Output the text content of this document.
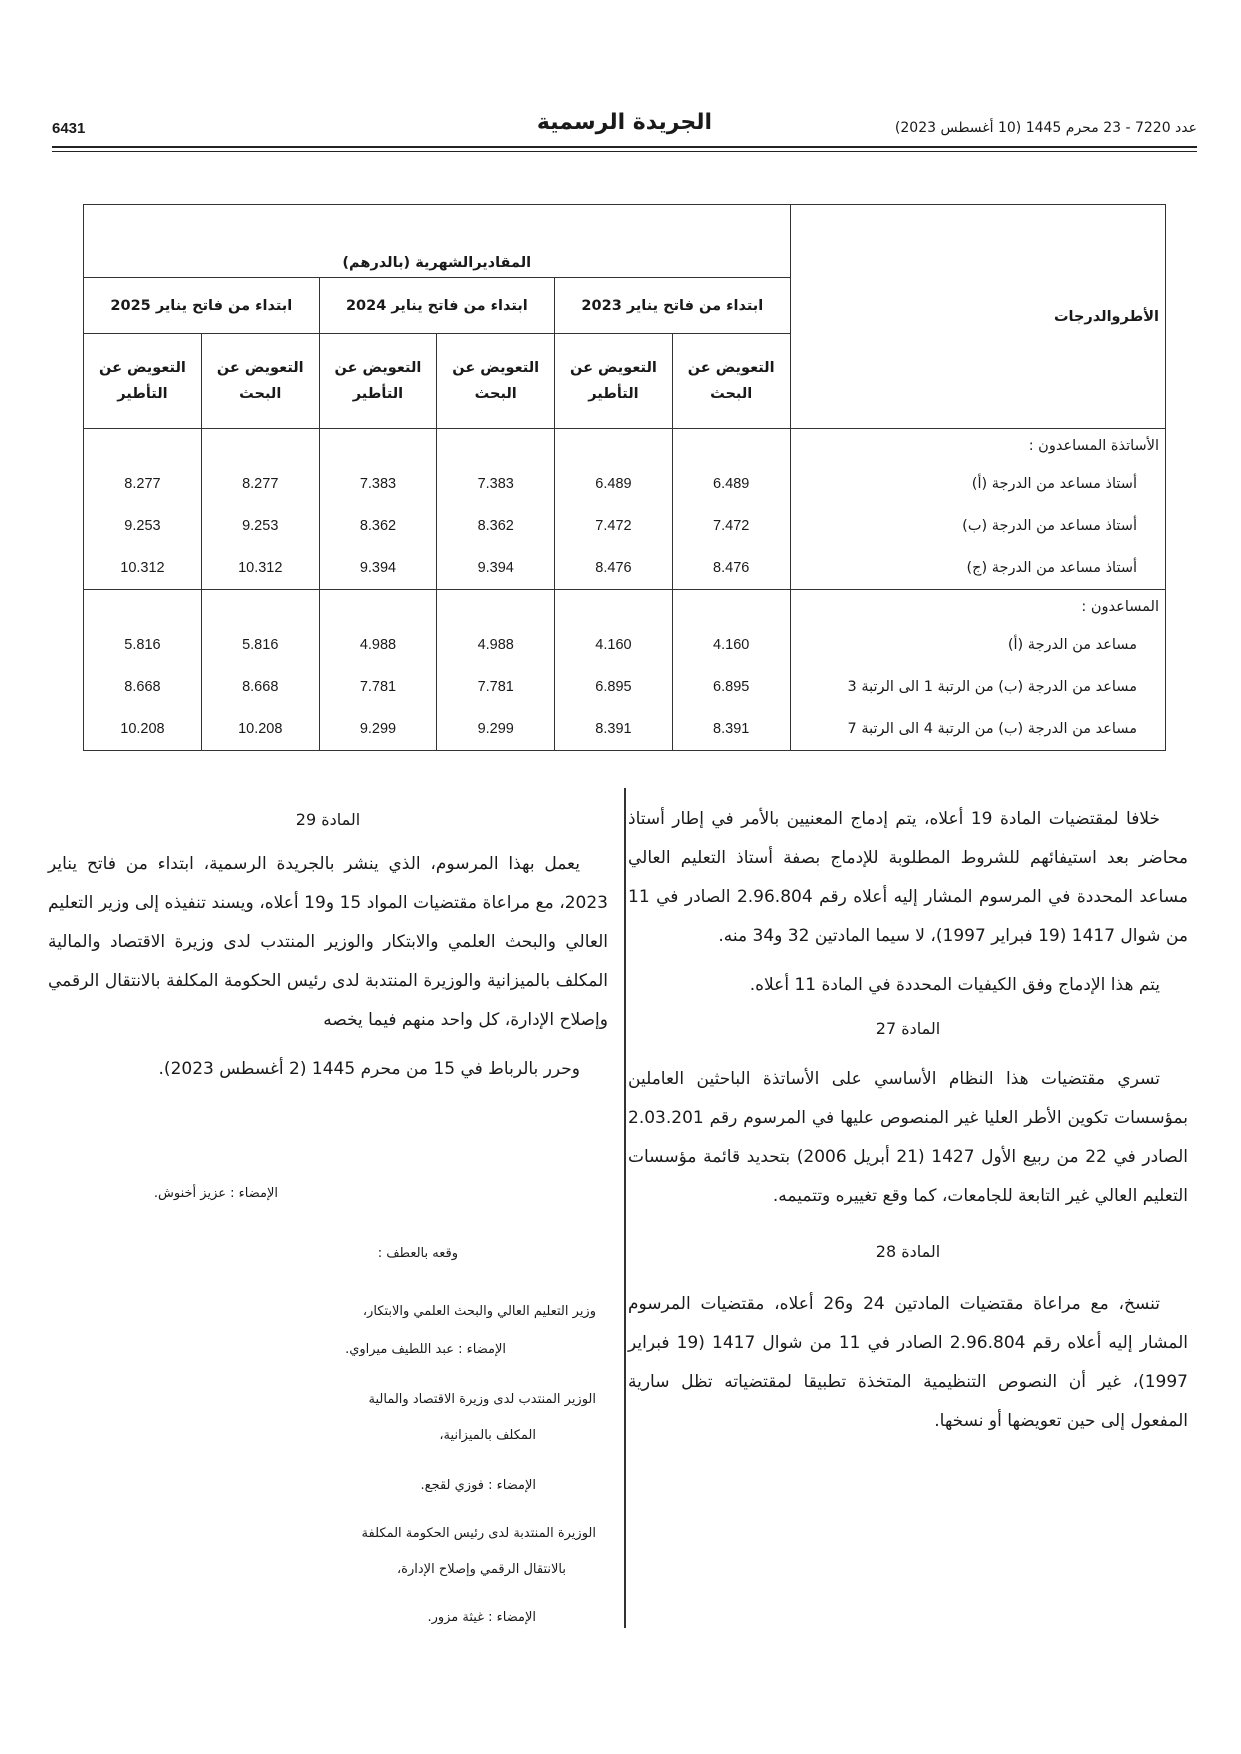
6431	الجريدة الرسمية	عدد 7220 - 23 محرم 1445 (10 أغسطس 2023)
الأطروالدرجات	المقاديرالشهرية (بالدرهم)					
	ابتداء من فاتح يناير 2023		ابتداء من فاتح يناير 2024		ابتداء من فاتح يناير 2025	
	التعويض عن البحث	التعويض عن التأطير	التعويض عن البحث	التعويض عن التأطير	التعويض عن البحث	التعويض عن التأطير
الأساتذة المساعدون :						
أستاذ مساعد من الدرجة (أ)	6.489	6.489	7.383	7.383	8.277	8.277
أستاذ مساعد من الدرجة (ب)	7.472	7.472	8.362	8.362	9.253	9.253
أستاذ مساعد من الدرجة (ج)	8.476	8.476	9.394	9.394	10.312	10.312
المساعدون :						
مساعد من الدرجة (أ)	4.160	4.160	4.988	4.988	5.816	5.816
مساعد من الدرجة (ب) من الرتبة 1 الى الرتبة 3	6.895	6.895	7.781	7.781	8.668	8.668
مساعد من الدرجة (ب) من الرتبة 4 الى الرتبة 7	8.391	8.391	9.299	9.299	10.208	10.208

خلافا لمقتضيات المادة 19 أعلاه، يتم إدماج المعنيين بالأمر في إطار أستاذ محاضر بعد استيفائهم للشروط المطلوبة للإدماج بصفة أستاذ التعليم العالي مساعد المحددة في المرسوم المشار إليه أعلاه رقم 2.96.804 الصادر في 11 من شوال 1417 (19 فبراير 1997)، لا سيما المادتين 32 و34 منه.

يتم هذا الإدماج وفق الكيفيات المحددة في المادة 11 أعلاه.

المادة 27

تسري مقتضيات هذا النظام الأساسي على الأساتذة الباحثين العاملين بمؤسسات تكوين الأطر العليا غير المنصوص عليها في المرسوم رقم 2.03.201 الصادر في 22 من ربيع الأول 1427 (21 أبريل 2006) بتحديد قائمة مؤسسات التعليم العالي غير التابعة للجامعات، كما وقع تغييره وتتميمه.

المادة 28

تنسخ، مع مراعاة مقتضيات المادتين 24 و26 أعلاه، مقتضيات المرسوم المشار إليه أعلاه رقم 2.96.804 الصادر في 11 من شوال 1417 (19 فبراير 1997)، غير أن النصوص التنظيمية المتخذة تطبيقا لمقتضياته تظل سارية المفعول إلى حين تعويضها أو نسخها.

المادة 29

يعمل بهذا المرسوم، الذي ينشر بالجريدة الرسمية، ابتداء من فاتح يناير 2023، مع مراعاة مقتضيات المواد 15 و19 أعلاه، ويسند تنفيذه إلى وزير التعليم العالي والبحث العلمي والابتكار والوزير المنتدب لدى وزيرة الاقتصاد والمالية المكلف بالميزانية والوزيرة المنتدبة لدى رئيس الحكومة المكلفة بالانتقال الرقمي وإصلاح الإدارة، كل واحد منهم فيما يخصه

وحرر بالرباط في 15 من محرم 1445 (2 أغسطس 2023).

الإمضاء : عزيز أخنوش.
وقعه بالعطف :
وزير التعليم العالي والبحث العلمي والابتكار،
الإمضاء : عبد اللطيف ميراوي.
الوزير المنتدب لدى وزيرة الاقتصاد والمالية
المكلف بالميزانية،
الإمضاء : فوزي لقجع.
الوزيرة المنتدبة لدى رئيس الحكومة المكلفة
بالانتقال الرقمي وإصلاح الإدارة،
الإمضاء : غيثة مزور.
